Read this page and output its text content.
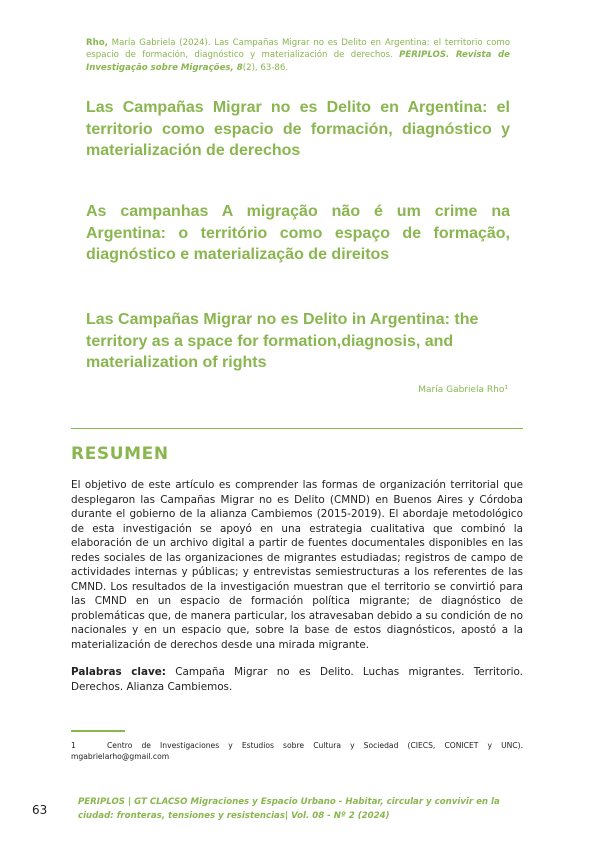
Rho, María Gabriela (2024). Las Campañas Migrar no es Delito en Argentina: el territorio como espacio de formación, diagnóstico y materialización de derechos. PERIPLOS. Revista de Investigação sobre Migrações, 8(2), 63-86.
Las Campañas Migrar no es Delito en Argentina: el territorio como espacio de formación, diagnóstico y materialización de derechos
As campanhas A migração não é um crime na Argentina: o território como espaço de formação, diagnóstico e materialização de direitos
Las Campañas Migrar no es Delito in Argentina: the territory as a space for formation,diagnosis, and materialization of rights
María Gabriela Rho¹
RESUMEN
El objetivo de este artículo es comprender las formas de organización territorial que desplegaron las Campañas Migrar no es Delito (CMND) en Buenos Aires y Córdoba durante el gobierno de la alianza Cambiemos (2015-2019). El abordaje metodológico de esta investigación se apoyó en una estrategia cualitativa que combinó la elaboración de un archivo digital a partir de fuentes documentales disponibles en las redes sociales de las organizaciones de migrantes estudiadas; registros de campo de actividades internas y públicas; y entrevistas semiestructuras a los referentes de las CMND. Los resultados de la investigación muestran que el territorio se convirtió para las CMND en un espacio de formación política migrante; de diagnóstico de problemáticas que, de manera particular, los atravesaban debido a su condición de no nacionales y en un espacio que, sobre la base de estos diagnósticos, apostó a la materialización de derechos desde una mirada migrante.
Palabras clave: Campaña Migrar no es Delito. Luchas migrantes. Territorio. Derechos. Alianza Cambiemos.
1	Centro de Investigaciones y Estudios sobre Cultura y Sociedad (CIECS, CONICET y UNC). mgabrielarho@gmail.com
63
PERIPLOS | GT CLACSO Migraciones y Espacio Urbano - Habitar, circular y convivir en la ciudad: fronteras, tensiones y resistencias| Vol. 08 - Nº 2 (2024)
